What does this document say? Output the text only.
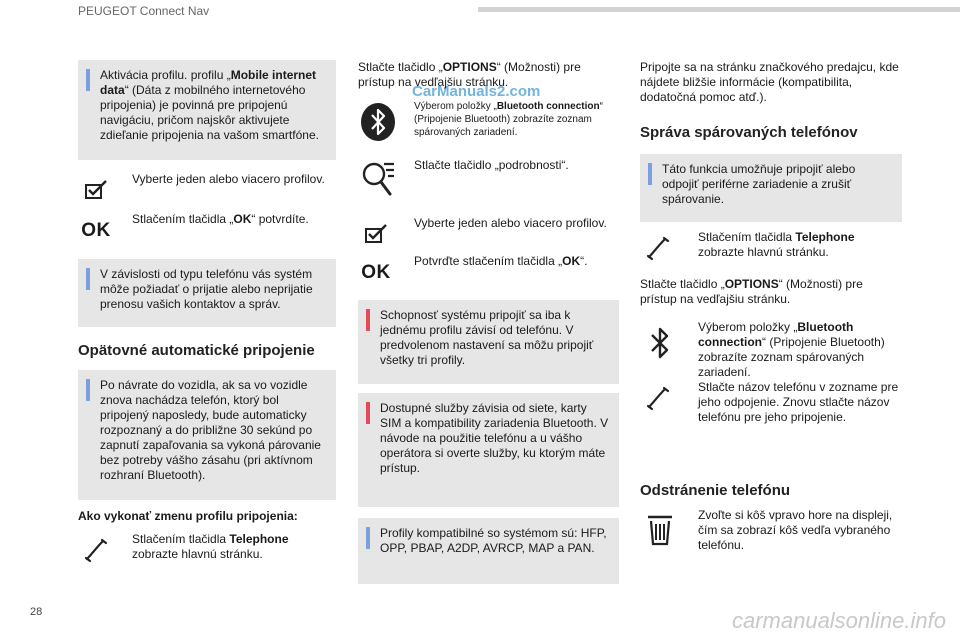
PEUGEOT Connect Nav
CarManuals2.com
Aktivácia profilu. profilu „Mobile internet data“ (Dáta z mobilného internetového pripojenia) je povinná pre pripojenú navigáciu, pričom najskôr aktivujete zdieľanie pripojenia na vašom smartfóne.
Vyberte jeden alebo viacero profilov.
OK
Stlačením tlačidla „OK“ potvrdíte.
V závislosti od typu telefónu vás systém môže požiadať o prijatie alebo neprijatie prenosu vašich kontaktov a správ.
Opätovné automatické pripojenie
Po návrate do vozidla, ak sa vo vozidle znova nachádza telefón, ktorý bol pripojený naposledy, bude automaticky rozpoznaný a do približne 30 sekúnd po zapnutí zapaľovania sa vykoná párovanie bez potreby vášho zásahu (pri aktívnom rozhraní Bluetooth).
Ako vykonať zmenu profilu pripojenia:
Stlačením tlačidla Telephone zobrazte hlavnú stránku.
Stlačte tlačidlo „OPTIONS“ (Možnosti) pre prístup na vedľajšiu stránku.
Výberom položky „Bluetooth connection“ (Pripojenie Bluetooth) zobrazíte zoznam spárovaných zariadení.
Stlačte tlačidlo „podrobnosti“.
Vyberte jeden alebo viacero profilov.
OK
Potvrďte stlačením tlačidla „OK“.
Schopnosť systému pripojiť sa iba k jednému profilu závisí od telefónu. V predvolenom nastavení sa môžu pripojiť všetky tri profily.
Dostupné služby závisia od siete, karty SIM a kompatibility zariadenia Bluetooth. V návode na použitie telefónu a u vášho operátora si overte služby, ku ktorým máte prístup.
Profily kompatibilné so systémom sú: HFP, OPP, PBAP, A2DP, AVRCP, MAP a PAN.
Pripojte sa na stránku značkového predajcu, kde nájdete bližšie informácie (kompatibilita, dodatočná pomoc atď.).
Správa spárovaných telefónov
Táto funkcia umožňuje pripojiť alebo odpojiť periférne zariadenie a zrušiť spárovanie.
Stlačením tlačidla Telephone zobrazte hlavnú stránku.
Stlačte tlačidlo „OPTIONS“ (Možnosti) pre prístup na vedľajšiu stránku.
Výberom položky „Bluetooth connection“ (Pripojenie Bluetooth) zobrazíte zoznam spárovaných zariadení.
Stlačte názov telefónu v zozname pre jeho odpojenie. Znovu stlačte názov telefónu pre jeho pripojenie.
Odstránenie telefónu
Zvoľte si kôš vpravo hore na displeji, čím sa zobrazí kôš vedľa vybraného telefónu.
28	carmanualsonline.info
